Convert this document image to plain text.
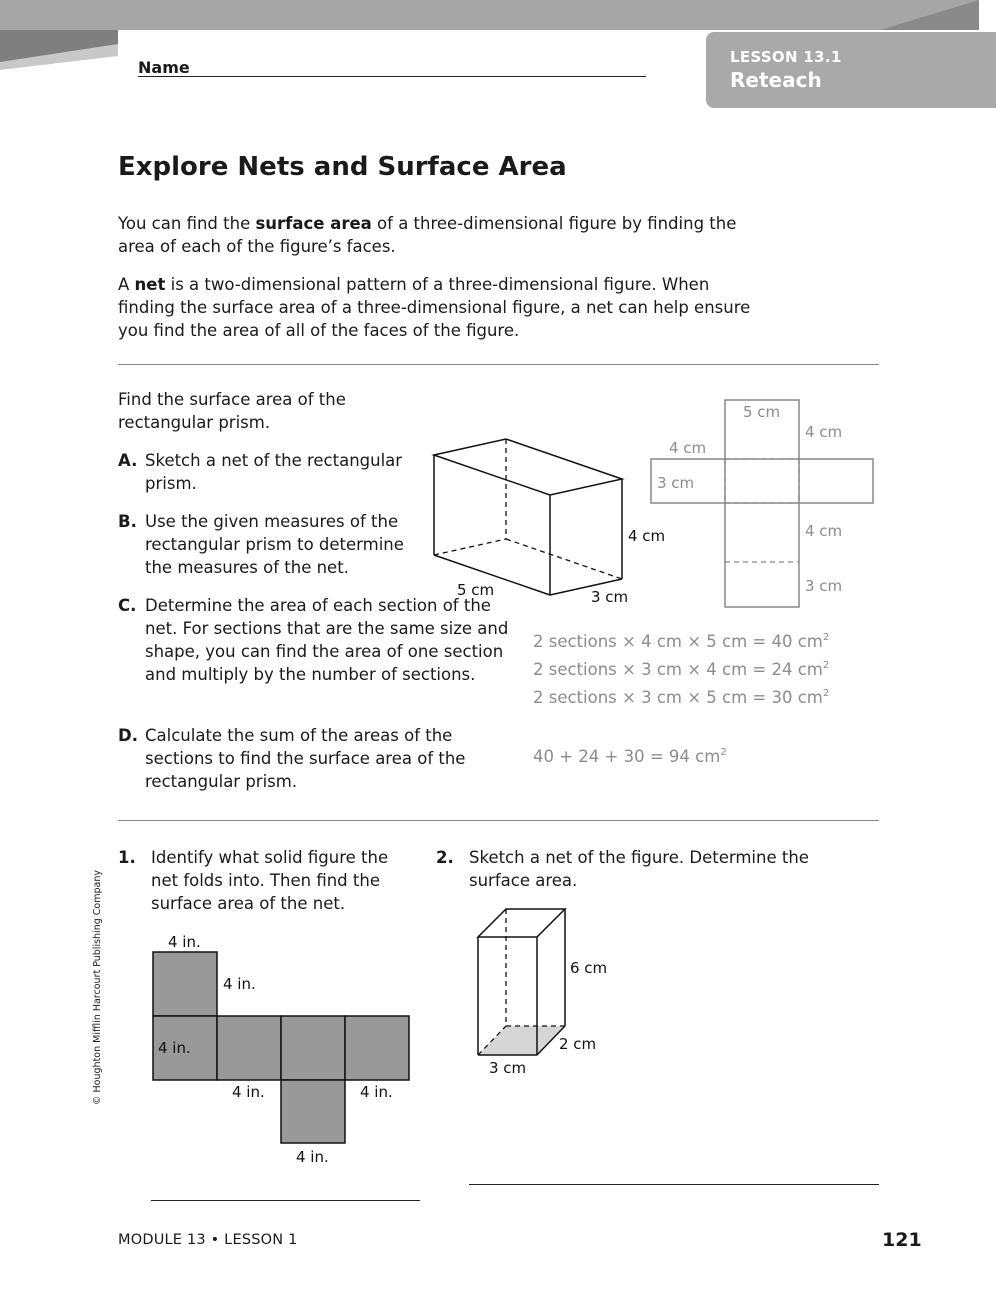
Name
LESSON 13.1
Reteach
Explore Nets and Surface Area

You can find the surface area of a three-dimensional figure by finding the area of each of the figure’s faces.

A net is a two-dimensional pattern of a three-dimensional figure. When finding the surface area of a three-dimensional figure, a net can help ensure you find the area of all of the faces of the figure.

Find the surface area of the rectangular prism.

A. Sketch a net of the rectangular prism.
B. Use the given measures of the rectangular prism to determine the measures of the net.
C. Determine the area of each section of the net. For sections that are the same size and shape, you can find the area of one section and multiply by the number of sections.
D. Calculate the sum of the areas of the sections to find the surface area of the rectangular prism.
4 cm
5 cm	3 cm
5 cm
4 cm
4 cm
3 cm
4 cm
3 cm
2 sections × 4 cm × 5 cm = 40 $cm^2$
2 sections × 3 cm × 4 cm = 24 $cm^2$
2 sections × 3 cm × 5 cm = 30 $cm^2$
40 + 24 + 30 = 94 $cm^2$
1. Identify what solid figure the net folds into. Then find the surface area of the net.
4 in.
4 in.
4 in.
4 in.	4 in.
4 in.
2. Sketch a net of the figure. Determine the surface area.
6 cm
2 cm
3 cm
© Houghton Mifflin Harcourt Publishing Company
MODULE 13 • LESSON 1	121
